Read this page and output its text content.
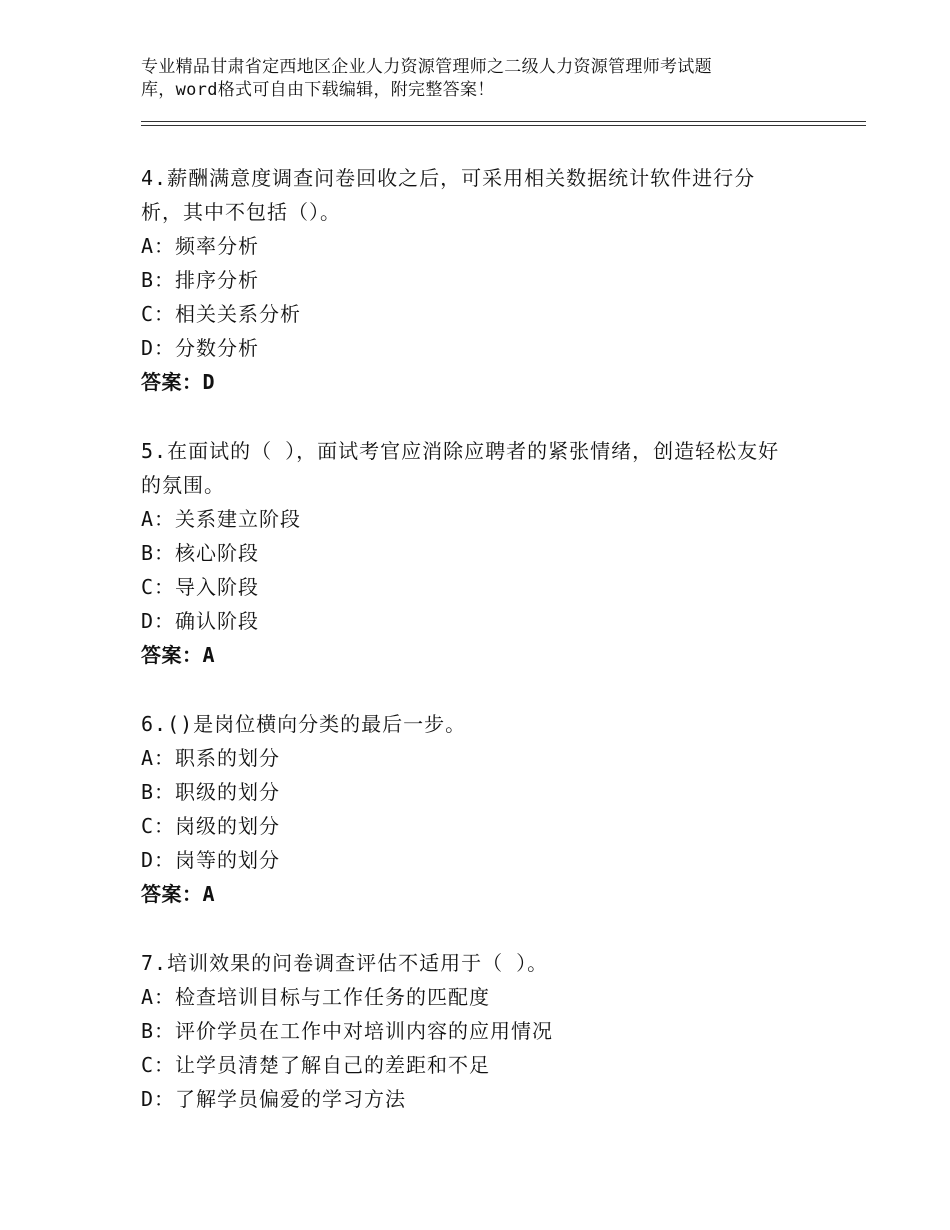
专业精品甘肃省定西地区企业人力资源管理师之二级人力资源管理师考试题
库，word格式可自由下载编辑，附完整答案！
4.薪酬满意度调查问卷回收之后，可采用相关数据统计软件进行分
析，其中不包括（）。
A：频率分析
B：排序分析
C：相关关系分析
D：分数分析
答案：D
5.在面试的（ ），面试考官应消除应聘者的紧张情绪，创造轻松友好
的氛围。
A：关系建立阶段
B：核心阶段
C：导入阶段
D：确认阶段
答案：A
6.()是岗位横向分类的最后一步。
A：职系的划分
B：职级的划分
C：岗级的划分
D：岗等的划分
答案：A
7.培训效果的问卷调查评估不适用于（ ）。
A：检查培训目标与工作任务的匹配度
B：评价学员在工作中对培训内容的应用情况
C：让学员清楚了解自己的差距和不足
D：了解学员偏爱的学习方法
